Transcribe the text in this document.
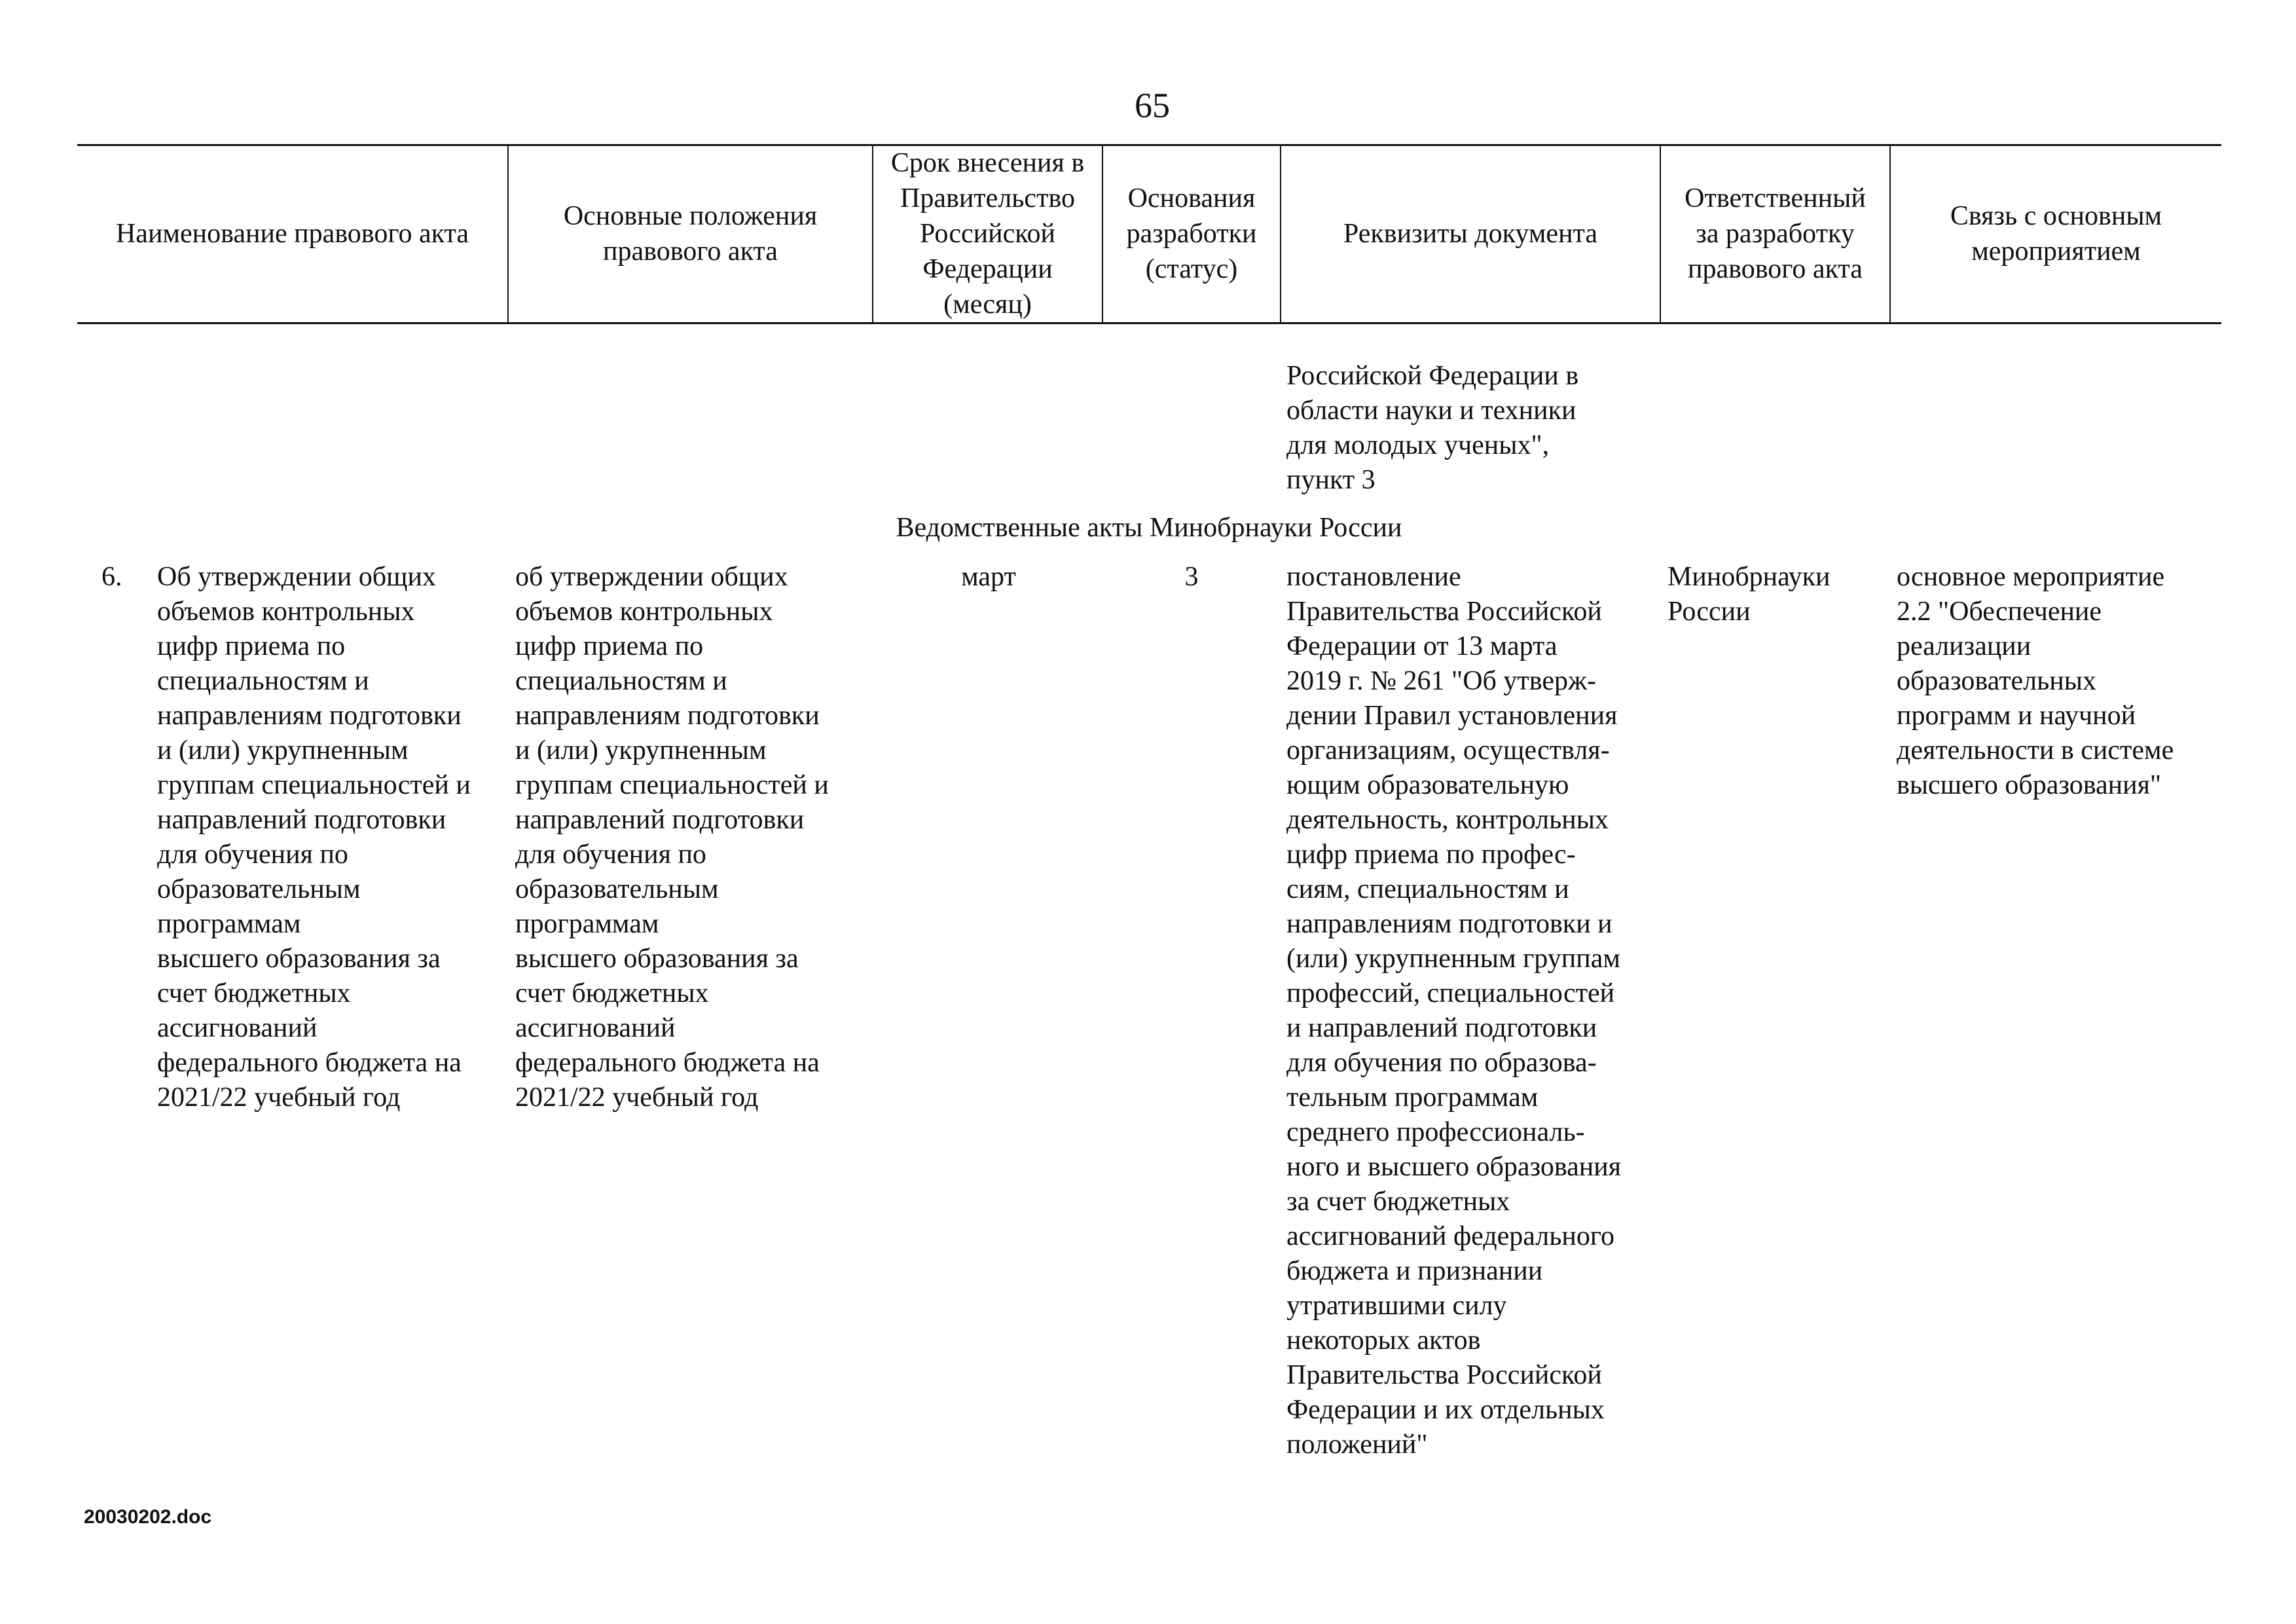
65
Наименование правового акта
Основные положения
правового акта
Срок внесения в
Правительство
Российской
Федерации
(месяц)
Основания
разработки
(статус)
Реквизиты документа
Ответственный
за разработку
правового акта
Связь с основным
мероприятием
Российской Федерации в
области науки и техники
для молодых ученых",
пункт 3
Ведомственные акты Минобрнауки России
6. Об утверждении общих
объемов контрольных
цифр приема по
специальностям и
направлениям подготовки
и (или) укрупненным
группам специальностей и
направлений подготовки
для обучения по
образовательным
программам
высшего образования за
счет бюджетных
ассигнований
федерального бюджета на
2021/22 учебный год
об утверждении общих
объемов контрольных
цифр приема по
специальностям и
направлениям подготовки
и (или) укрупненным
группам специальностей и
направлений подготовки
для обучения по
образовательным
программам
высшего образования за
счет бюджетных
ассигнований
федерального бюджета на
2021/22 учебный год
март	3	постановление
Правительства Российской
Федерации от 13 марта
2019 г. № 261 "Об утверж-
дении Правил установления
организациям, осуществля-
ющим образовательную
деятельность, контрольных
цифр приема по профес-
сиям, специальностям и
направлениям подготовки и
(или) укрупненным группам
профессий, специальностей
и направлений подготовки
для обучения по образова-
тельным программам
среднего профессиональ-
ного и высшего образования
за счет бюджетных
ассигнований федерального
бюджета и признании
утратившими силу
некоторых актов
Правительства Российской
Федерации и их отдельных
положений"
Минобрнауки
России
основное мероприятие
2.2 "Обеспечение
реализации
образовательных
программ и научной
деятельности в системе
высшего образования"
20030202.doc
